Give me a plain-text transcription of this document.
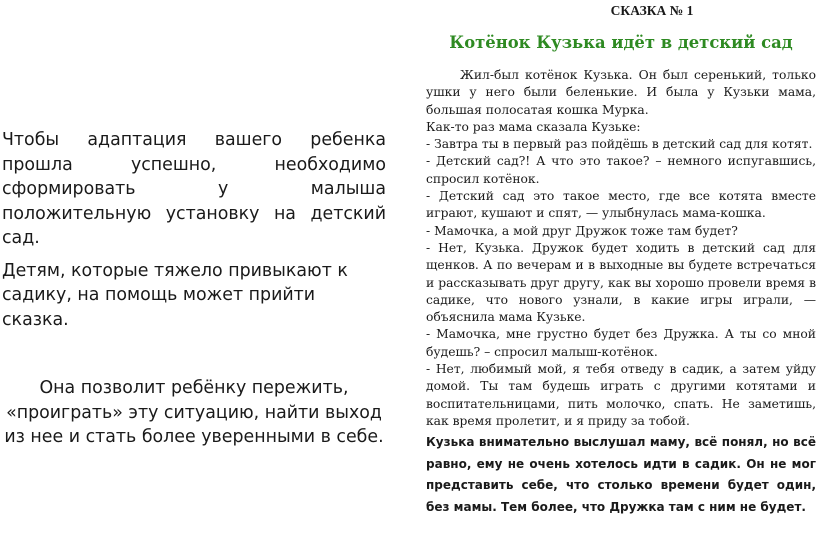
Чтобы адаптация вашего ребенка прошла успешно, необходимо сформировать у малыша положительную установку на детский сад.

Детям, которые тяжело привыкают к садику, на помощь может прийти сказка.

Она позволит ребёнку пережить, «проиграть» эту ситуацию, найти выход из нее и стать более уверенными в себе.

СКАЗКА № 1
Котёнок Кузька идёт в детский сад

Жил-был котёнок Кузька. Он был серенький, только ушки у него были беленькие. И была у Кузьки мама, большая полосатая кошка Мурка.

Как-то раз мама сказала Кузьке:

- Завтра ты в первый раз пойдёшь в детский сад для котят.

- Детский сад?! А что это такое? – немного испугавшись, спросил котёнок.

- Детский сад это такое место, где все котята вместе играют, кушают и спят, — улыбнулась мама-кошка.

- Мамочка, а мой друг Дружок тоже там будет?

- Нет, Кузька. Дружок будет ходить в детский сад для щенков. А по вечерам и в выходные вы будете встречаться и рассказывать друг другу, как вы хорошо провели время в садике, что нового узнали, в какие игры играли, — объяснила мама Кузьке.

- Мамочка, мне грустно будет без Дружка. А ты со мной будешь? – спросил малыш-котёнок.

- Нет, любимый мой, я тебя отведу в садик, а затем уйду домой. Ты там будешь играть с другими котятами и воспитательницами, пить молочко, спать. Не заметишь, как время пролетит, и я приду за тобой.

Кузька внимательно выслушал маму, всё понял, но всё равно, ему не очень хотелось идти в садик. Он не мог представить себе, что столько времени будет один, без мамы. Тем более, что Дружка там с ним не будет.
